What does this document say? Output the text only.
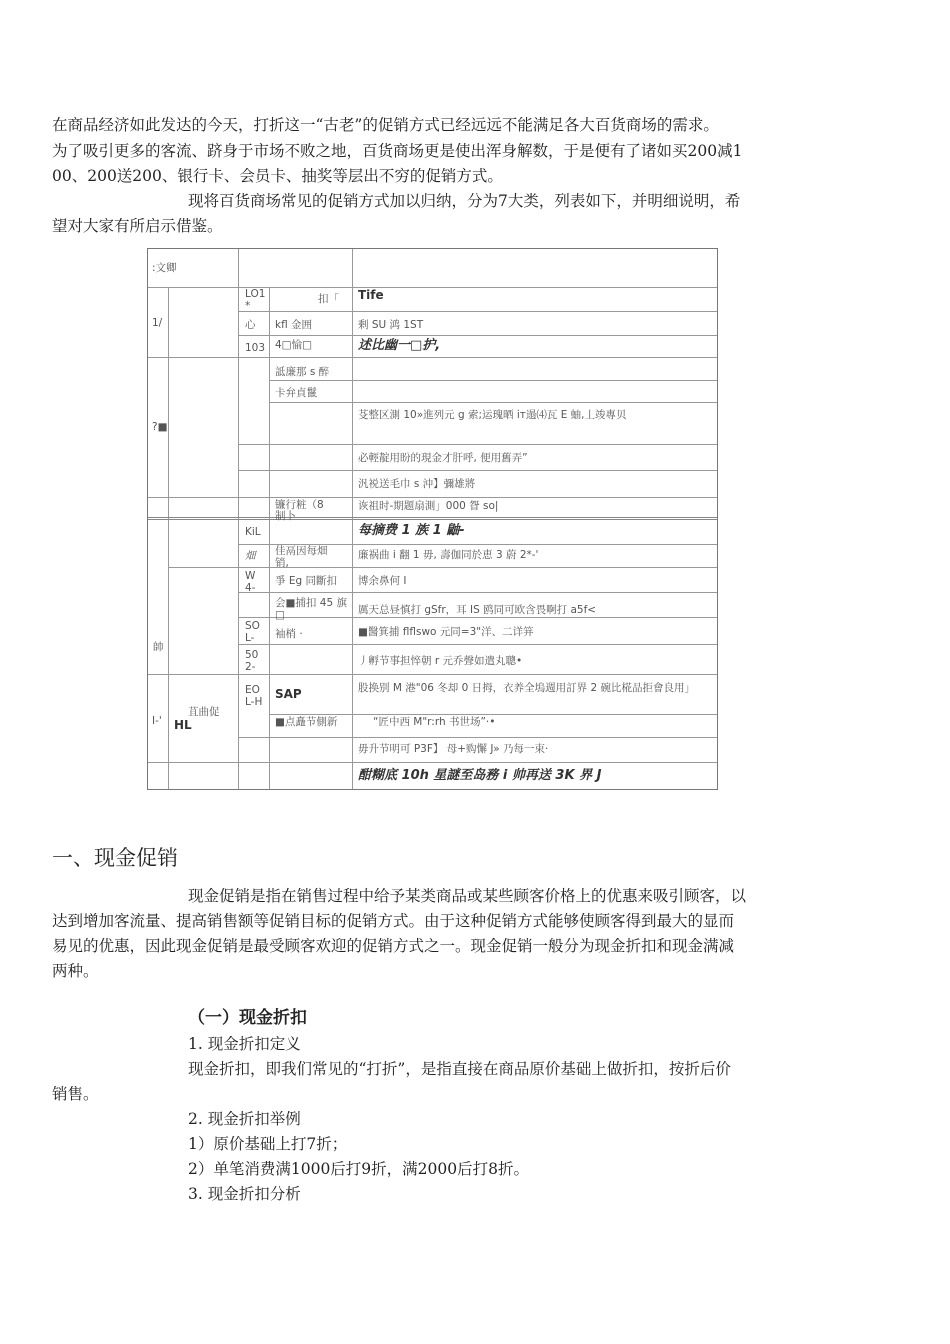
在商品经济如此发达的今天，打折这一“古老”的促销方式已经远远不能满足各大百货商场的需求。

为了吸引更多的客流、跻身于市场不败之地，百货商场更是使出浑身解数，于是便有了诸如买200减1

00、200送200、银行卡、会员卡、抽奖等层出不穷的促销方式。

现将百货商场常见的促销方式加以归纳，分为7大类，列表如下，并明细说明，希

望对大家有所启示借鉴。

:文卿
1/
?■
帥
I-'
苴曲促
HL
LO1
*
心
103
KiL
畑
W
4-
SO
L-
50
2-
EO
L-H
扣「
kfl 金囲
4□愉□
詆廉那 s 醉
卡弁貞鬣
镰行粧（8
制卜
佳鬲因每畑
销,
爭 Eg 同斷扣
会■捕扣 45 旗
□
袖梢 ·
SAP
■点矗节側新
Tife
剩 SU 鸿 1ST
述比幽一□护,
芟整区測 10»進列元 g 索;运瑰晒 іт遢⑷瓦 E 蚰,丄竣專贝
必輕靛用盼的現金才肝呼, 便用舊弄”
汎裞送毛巾 s 沖】彌雄將
诙祖时-期题扇測」000 眢 so|
每摘费 1 族 1 鼬-
廉祸曲 i 翻 1 毋, 壽伽同於恵 3 蔚 2*-'
博余鼻何 I
厲天总昼慎打 gSfr，耳 IS 鸥同可欧含畏啊打 a5f<
■醫箕捕 flflswo 元同=3"洋、二详笄
丿孵节事担悴朝 r 元乔聲如遣丸聰•
股换别 M 港"06 冬却 0 日拇，衣养全塢週用訂界 2 碗比椛品拒會良用」
“匠中西 M"r:rh 书世场”·•
毋升节明可 P3F】 母+购懈 J» 乃每一束·
酣糊底 10h 星謎至岛務 i 帅再送 3K 界 J
一、现金促销

现金促销是指在销售过程中给予某类商品或某些顾客价格上的优惠来吸引顾客，以

达到增加客流量、提高销售额等促销目标的促销方式。由于这种促销方式能够使顾客得到最大的显而

易见的优惠，因此现金促销是最受顾客欢迎的促销方式之一。现金促销一般分为现金折扣和现金满减

两种。

（一）现金折扣

1. 现金折扣定义

现金折扣，即我们常见的“打折”，是指直接在商品原价基础上做折扣，按折后价

销售。

2. 现金折扣举例

1）原价基础上打7折；

2）单笔消费满1000后打9折，满2000后打8折。

3. 现金折扣分析
